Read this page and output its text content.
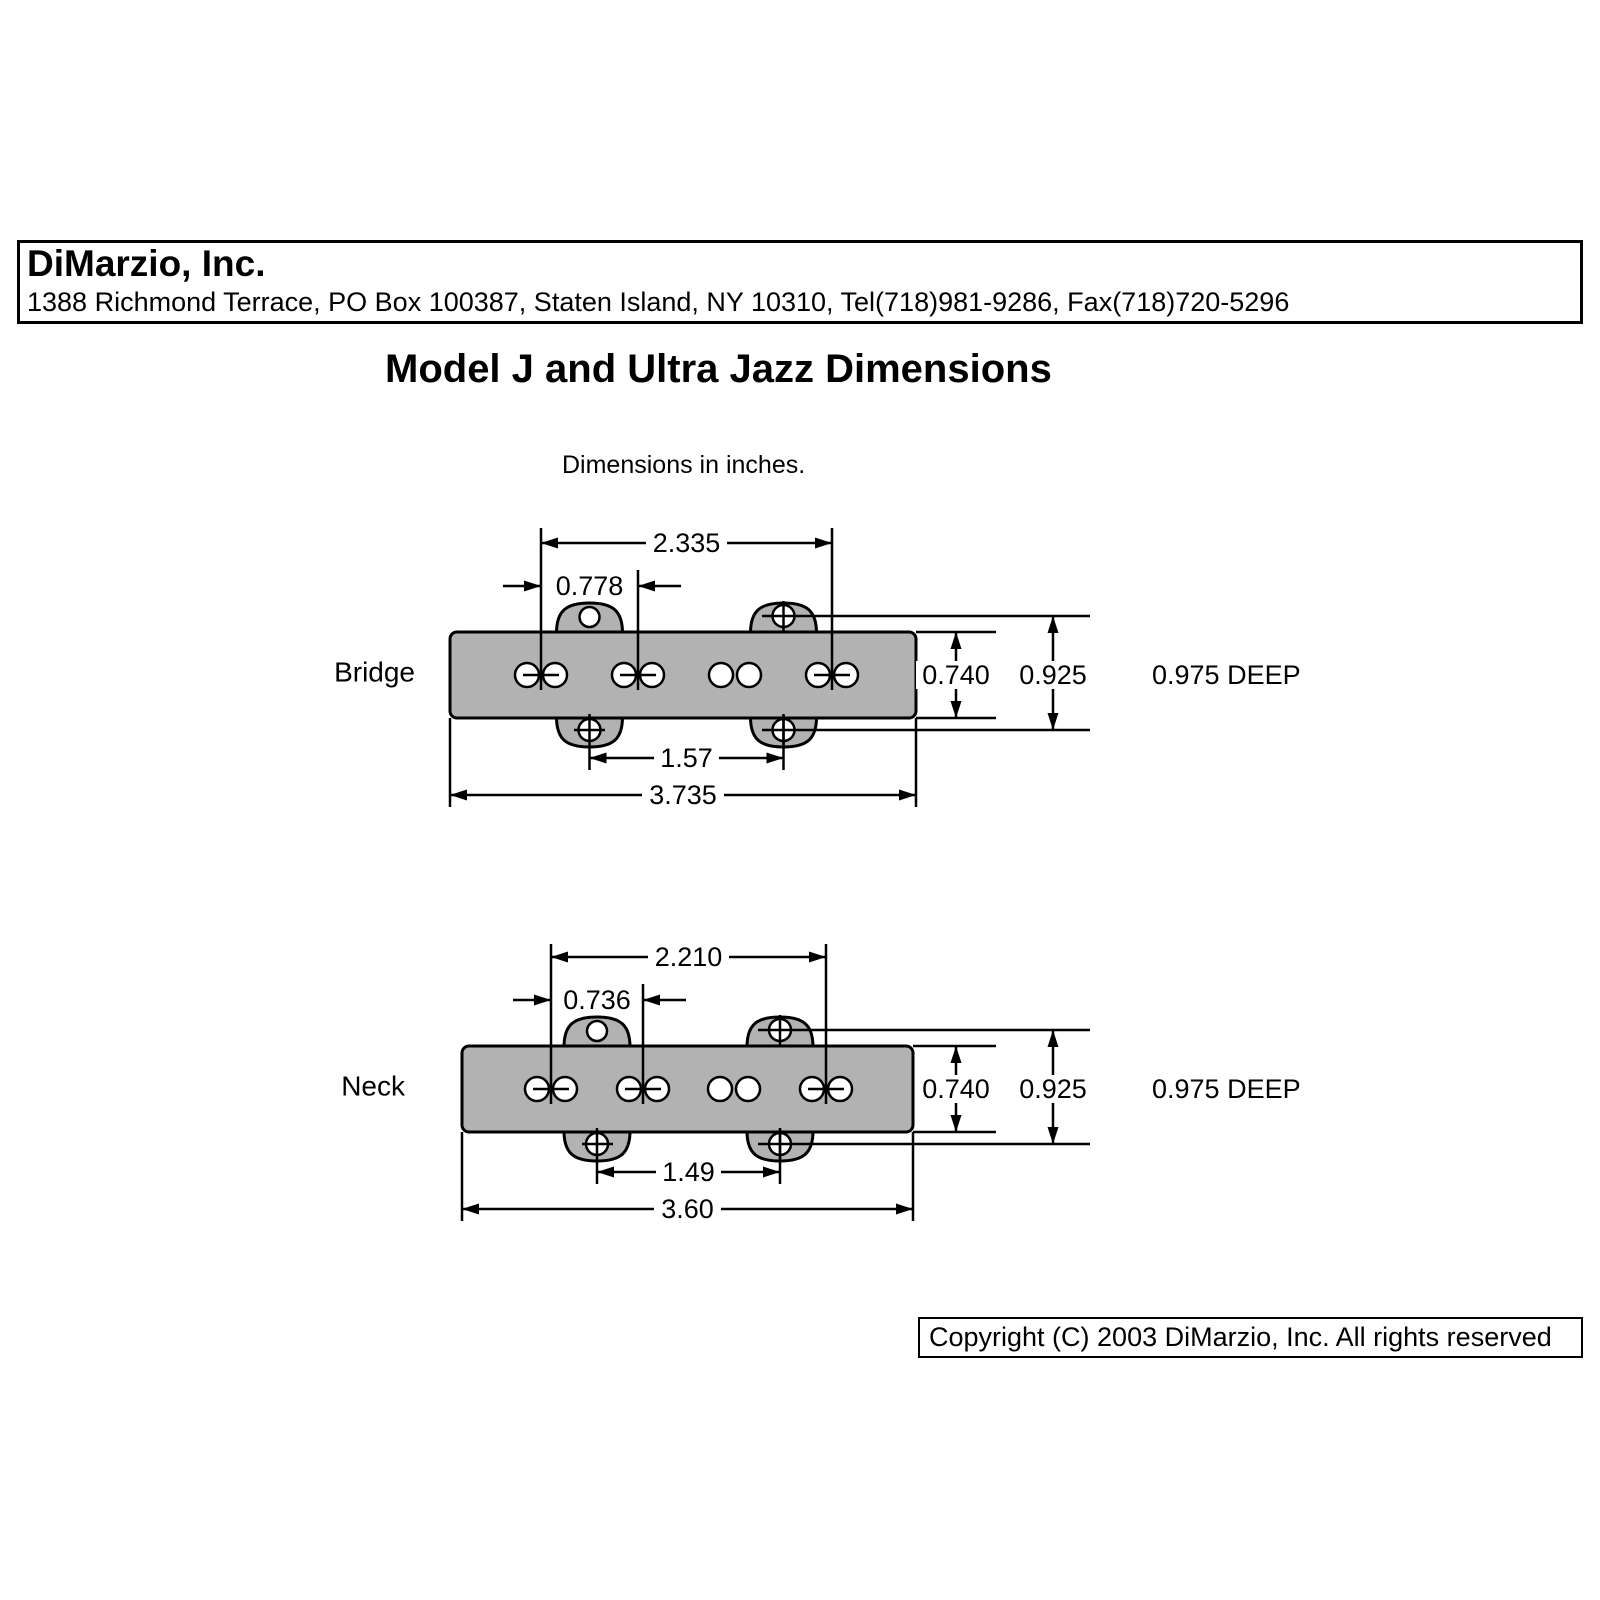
DiMarzio, Inc.
1388 Richmond Terrace, PO Box 100387, Staten Island, NY 10310, Tel(718)981-9286, Fax(718)720-5296
Model J and Ultra Jazz Dimensions
Dimensions in inches.
2.335
0.778
1.57
3.735
0.740 0.925 0.975 DEEP
Bridge
2.210
0.736
1.49
3.60
0.740 0.925 0.975 DEEP
Neck
Copyright (C) 2003 DiMarzio, Inc. All rights reserved
